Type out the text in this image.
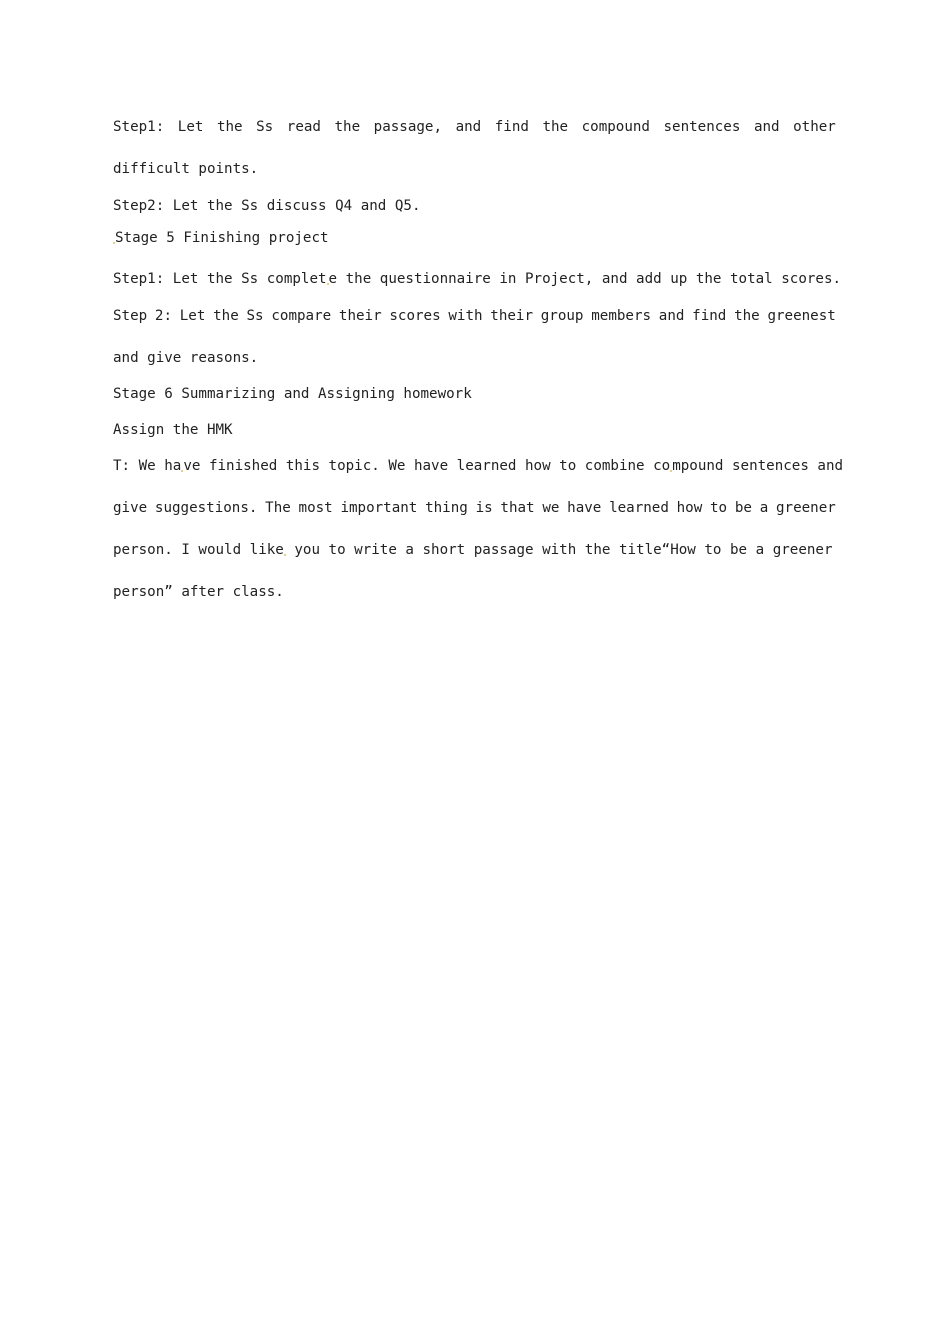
Step1: Let the Ss read the passage, and find the compound sentences and other

difficult points.

Step2: Let the Ss discuss Q4 and Q5.

Stage 5 Finishing project

Step1: Let the Ss complet e the questionnaire in Project, and add up the total scores.

Step 2: Let the Ss compare their scores with their group members and find the greenest

and give reasons.

Stage 6 Summarizing and Assigning homework

Assign the HMK

T: We ha ve finished this topic. We have learned how to combine co mpound sentences and

give suggestions. The most important thing is that we have learned how to be a greener

person. I would like you to write a short passage with the title“How to be a greener

person” after class.
